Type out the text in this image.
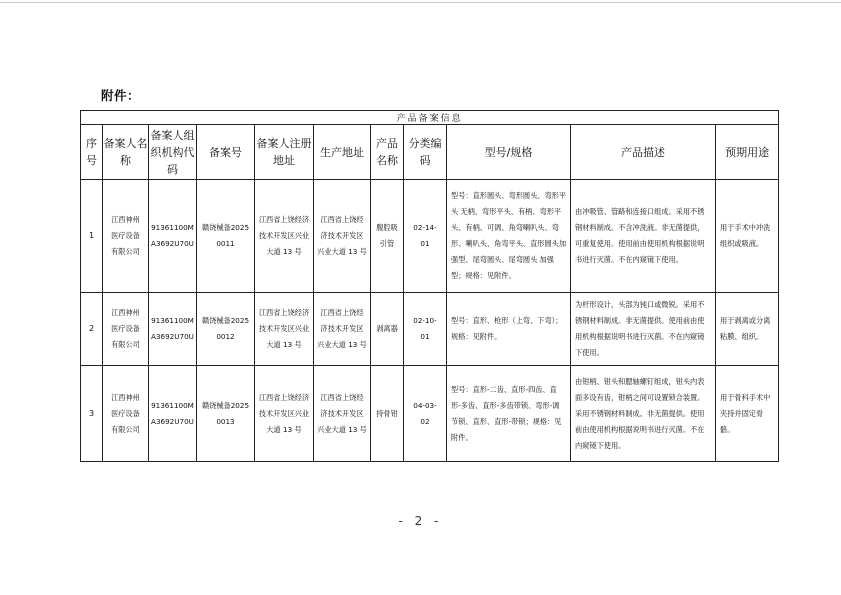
附件：
产品备案信息										
序号	备案人名称	备案人组织机构代码	备案号	备案人注册地址	生产地址	产品名称	分类编码	型号/规格	产品描述	预期用途
1	江西神州医疗设备有限公司	91361100MA3692U70U	赣饶械备20250011	江西省上饶经济技术开发区兴业大道 13 号	江西省上饶经济技术开发区兴业大道 13 号	腹腔吸引管	02-14-01	型号：直形圆头、弯形圆头、弯形平头 无柄、弯形平头、有柄、弯形平头、有柄、可调、角弯喇叭头、弯形、喇叭头、角弯平头、直形圆头加强型、尾弯圆头、尾弯圆头 加强型；规格：见附件。	由冲吸管、管路和连接口组成。采用不锈钢材料制成。不含冲洗液。非无菌提供，可重复使用。使用前由使用机构根据说明书进行灭菌。不在内窥镜下使用。	用于手术中冲洗组织或吸液。
2	江西神州医疗设备有限公司	91361100MA3692U70U	赣饶械备20250012	江西省上饶经济技术开发区兴业大道 13 号	江西省上饶经济技术开发区兴业大道 13 号	剥离器	02-10-01	型号：直形、枪形（上弯、下弯）；规格：见附件。	为杆形设计，头部为钝口或微锐。采用不锈钢材料制成。非无菌提供。使用前由使用机构根据说明书进行灭菌。不在内窥镜下使用。	用于剥离或分离粘膜、组织。
3	江西神州医疗设备有限公司	91361100MA3692U70U	赣饶械备20250013	江西省上饶经济技术开发区兴业大道 13 号	江西省上饶经济技术开发区兴业大道 13 号	持骨钳	04-03-02	型号：直形-二齿、直形-四齿、直形-多齿、直形-多齿带锁、弯形-调节锁、直形、直形-带锁；规格：见附件。	由钳柄、钳头和腮轴螺钉组成，钳头内表面多设有齿，钳柄之间可设置锁合装置。采用不锈钢材料制成。非无菌提供。使用前由使用机构根据说明书进行灭菌。不在内窥镜下使用。	用于骨科手术中夹持并固定骨骼。
- 2 -
